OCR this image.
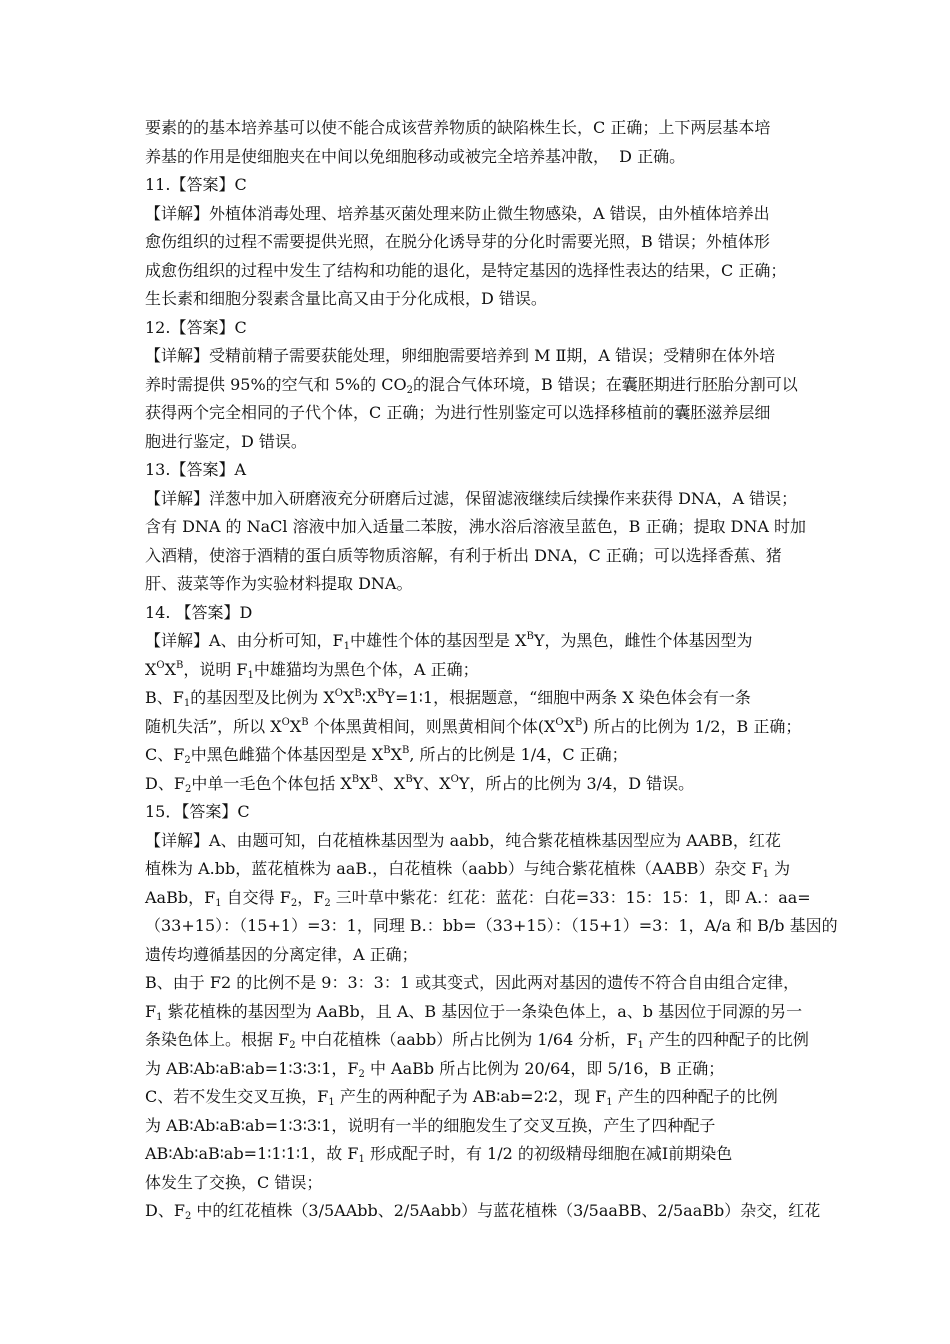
要素的的基本培养基可以使不能合成该营养物质的缺陷株生长，C 正确；上下两层基本培
养基的作用是使细胞夹在中间以免细胞移动或被完全培养基冲散，  D 正确。
11.【答案】C
【详解】外植体消毒处理、培养基灭菌处理来防止微生物感染，A 错误，由外植体培养出
愈伤组织的过程不需要提供光照，在脱分化诱导芽的分化时需要光照，B 错误；外植体形
成愈伤组织的过程中发生了结构和功能的退化，是特定基因的选择性表达的结果，C 正确；
生长素和细胞分裂素含量比高又由于分化成根，D 错误。
12.【答案】C
【详解】受精前精子需要获能处理，卵细胞需要培养到 M Ⅱ期，A 错误；受精卵在体外培
养时需提供 95%的空气和 5%的 $CO_2$的混合气体环境，B 错误；在囊胚期进行胚胎分割可以
获得两个完全相同的子代个体，C 正确；为进行性别鉴定可以选择移植前的囊胚滋养层细
胞进行鉴定，D 错误。
13.【答案】A
【详解】洋葱中加入研磨液充分研磨后过滤，保留滤液继续后续操作来获得 DNA，A 错误；
含有 DNA 的 NaCl 溶液中加入适量二苯胺，沸水浴后溶液呈蓝色，B 正确；提取 DNA 时加
入酒精，使溶于酒精的蛋白质等物质溶解，有利于析出 DNA，C 正确；可以选择香蕉、猪
肝、菠菜等作为实验材料提取 DNA。
14. 【答案】D
【详解】A、由分析可知，$F_1$中雄性个体的基因型是 $X^BY$，为黑色，雌性个体基因型为
$X^OX^B$，说明 $F_1$中雄猫均为黑色个体，A 正确；
B、$F_1$的基因型及比例为 $X^OX^B∶X^BY=1∶1$，根据题意，“细胞中两条 X 染色体会有一条
随机失活”，所以 $X^OX^B$ 个体黑黄相间，则黑黄相间个体$(X^OX^B)$ 所占的比例为 1/2，B 正确；
C、$F_2$中黑色雌猫个体基因型是 $X^BX^B$, 所占的比例是 1/4，C 正确；
D、$F_2$中单一毛色个体包括 $X^BX^B$、$X^BY$、$X^OY$，所占的比例为 3/4，D 错误。
15．【答案】C
【详解】A、由题可知，白花植株基因型为 aabb，纯合紫花植株基因型应为 AABB，红花
植株为 A.bb，蓝花植株为 aaB.，白花植株（aabb）与纯合紫花植株（AABB）杂交 $F_1$ 为
AaBb，$F_1$ 自交得 $F_2$，$F_2$ 三叶草中紫花：红花：蓝花：白花=33：15：15：1，即 A.：aa=
（33+15）：（15+1）=3：1，同理 B.：bb=（33+15）：（15+1）=3：1，A/a 和 B/b 基因的
遗传均遵循基因的分离定律，A 正确；
B、由于 F2 的比例不是 9：3：3：1 或其变式，因此两对基因的遗传不符合自由组合定律，
$F_1$ 紫花植株的基因型为 AaBb，且 A、B 基因位于一条染色体上，a、b 基因位于同源的另一
条染色体上。根据 $F_2$ 中白花植株（aabb）所占比例为 1/64 分析，$F_1$ 产生的四种配子的比例
为 AB∶Ab∶aB∶ab=1∶3∶3∶1，$F_2$ 中 AaBb 所占比例为 20/64，即 5/16，B 正确；
C、若不发生交叉互换，$F_1$ 产生的两种配子为 AB∶ab=2∶2，现 $F_1$ 产生的四种配子的比例
为 AB∶Ab∶aB∶ab=1∶3∶3∶1，说明有一半的细胞发生了交叉互换，产生了四种配子
AB∶Ab∶aB∶ab=1∶1∶1∶1，故 $F_1$ 形成配子时，有 1/2 的初级精母细胞在减Ⅰ前期染色
体发生了交换，C 错误；
D、$F_2$ 中的红花植株（3/5AAbb、2/5Aabb）与蓝花植株（3/5aaBB、2/5aaBb）杂交，红花
